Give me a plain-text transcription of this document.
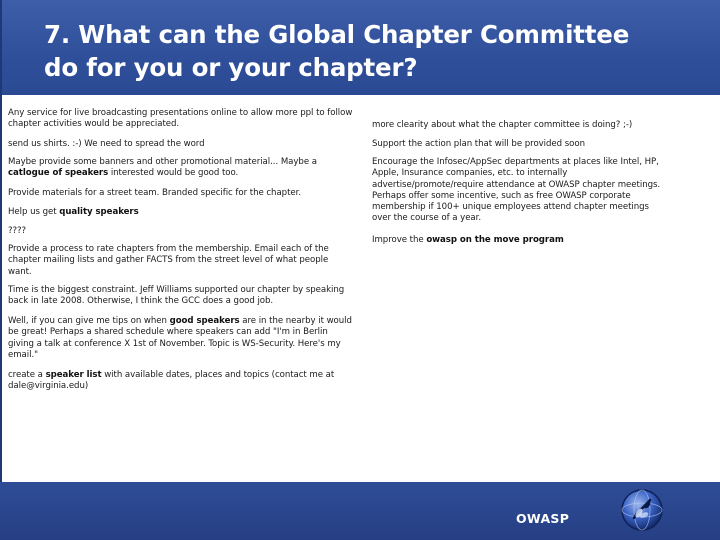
7. What can the Global Chapter Committee
do for you or your chapter?

Any service for live broadcasting presentations online to allow more ppl to follow chapter activities would be appreciated.

send us shirts. :-) We need to spread the word

Maybe provide some banners and other promotional material... Maybe a catlogue of speakers interested would be good too.

Provide materials for a street team. Branded specific for the chapter.

Help us get quality speakers

????

Provide a process to rate chapters from the membership. Email each of the chapter mailing lists and gather FACTS from the street level of what people want.

Time is the biggest constraint. Jeff Williams supported our chapter by speaking back in late 2008. Otherwise, I think the GCC does a good job.

Well, if you can give me tips on when good speakers are in the nearby it would be great! Perhaps a shared schedule where speakers can add "I'm in Berlin giving a talk at conference X 1st of November. Topic is WS-Security. Here's my email."

create a speaker list with available dates, places and topics (contact me at dale@virginia.edu)

more clearity about what the chapter committee is doing? ;-)

Support the action plan that will be provided soon

Encourage the Infosec/AppSec departments at places like Intel, HP, Apple, Insurance companies, etc. to internally advertise/promote/require attendance at OWASP chapter meetings. Perhaps offer some incentive, such as free OWASP corporate membership if 100+ unique employees attend chapter meetings over the course of a year.

Improve the owasp on the move program

OWASP
